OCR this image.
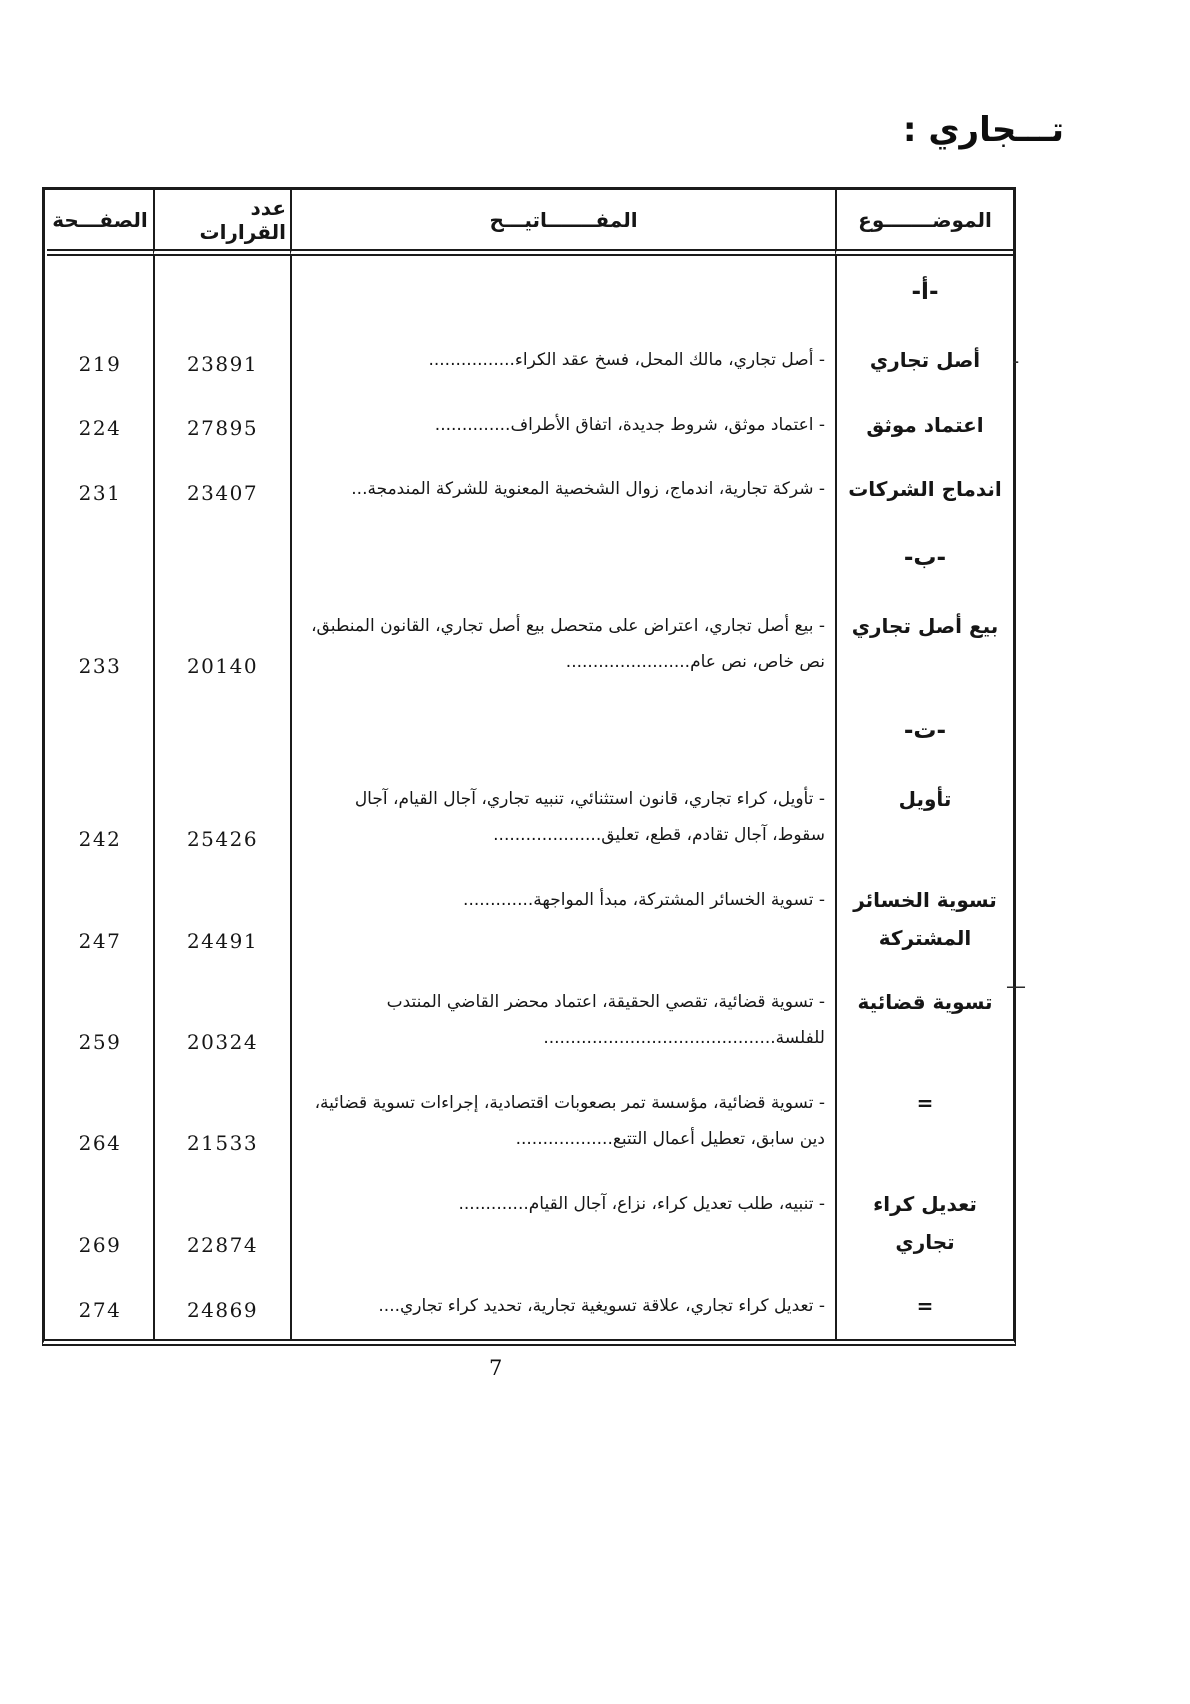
تـــجاري :
الموضـــــــوع
المفـــــــاتيـــح
عدد القرارات
الصفـــحة
-أ-
أصل تجاري
- أصل تجاري، مالك المحل، فسخ عقد الكراء................
23891
219
اعتماد موثق
- اعتماد موثق، شروط جديدة، اتفاق الأطراف..............
27895
224
اندماج الشركات
- شركة تجارية، اندماج، زوال الشخصية المعنوية للشركة المندمجة...
23407
231
-ب-
بيع أصل تجاري
- بيع أصل تجاري، اعتراض على متحصل بيع أصل تجاري، القانون المنطبق، نص خاص، نص عام.......................
20140
233
-ت-
تأويل
- تأويل، كراء تجاري، قانون استثنائي، تنبيه تجاري، آجال القيام، آجال سقوط، آجال تقادم، قطع، تعليق....................
25426
242
تسوية الخسائر المشتركة
- تسوية الخسائر المشتركة، مبدأ المواجهة.............
24491
247
تسوية قضائية
- تسوية قضائية، تقصي الحقيقة، اعتماد محضر القاضي المنتدب للفلسة...........................................
20324
259
=
- تسوية قضائية، مؤسسة تمر بصعوبات اقتصادية، إجراءات تسوية قضائية، دين سابق، تعطيل أعمال التتبع..................
21533
264
تعديل كراء تجاري
- تنبيه، طلب تعديل كراء، نزاع، آجال القيام.............
22874
269
=
- تعديل كراء تجاري، علاقة تسويغية تجارية، تحديد كراء تجاري....
24869
274
-
—
7
